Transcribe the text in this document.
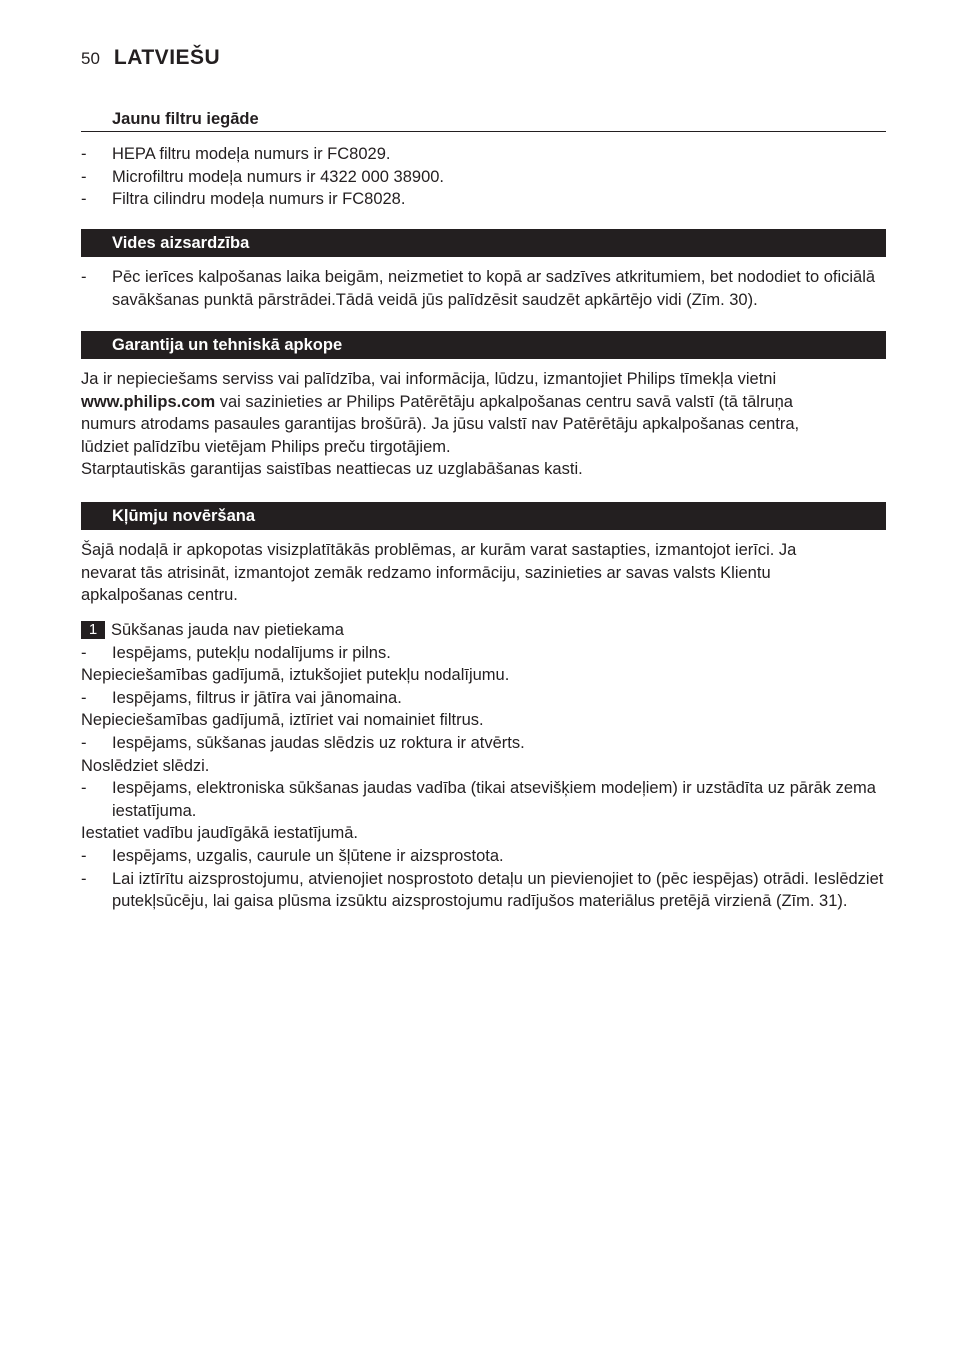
50 LATVIEŠU
Jaunu filtru iegāde
-	HEPA filtru modeļa numurs ir FC8029.
-	Microfiltru modeļa numurs ir 4322 000 38900.
-	Filtra cilindru modeļa numurs ir FC8028.
Vides aizsardzība
-	Pēc ierīces kalpošanas laika beigām, neizmetiet to kopā ar sadzīves atkritumiem, bet nododiet to oficiālā savākšanas punktā pārstrādei.Tādā veidā jūs palīdzēsit saudzēt apkārtējo vidi (Zīm. 30).
Garantija un tehniskā apkope
Ja ir nepieciešams serviss vai palīdzība, vai informācija, lūdzu, izmantojiet Philips tīmekļa vietni
www.philips.com vai sazinieties ar Philips Patērētāju apkalpošanas centru savā valstī (tā tālruņa
numurs atrodams pasaules garantijas brošūrā). Ja jūsu valstī nav Patērētāju apkalpošanas centra,
lūdziet palīdzību vietējam Philips preču tirgotājiem.
Starptautiskās garantijas saistības neattiecas uz uzglabāšanas kasti.
Kļūmju novēršana
Šajā nodaļā ir apkopotas visizplatītākās problēmas, ar kurām varat sastapties, izmantojot ierīci. Ja
nevarat tās atrisināt, izmantojot zemāk redzamo informāciju, sazinieties ar savas valsts Klientu
apkalpošanas centru.
1 Sūkšanas jauda nav pietiekama
-	Iespējams, putekļu nodalījums ir pilns.
Nepieciešamības gadījumā, iztukšojiet putekļu nodalījumu.
-	Iespējams, filtrus ir jātīra vai jānomaina.
Nepieciešamības gadījumā, iztīriet vai nomainiet filtrus.
-	Iespējams, sūkšanas jaudas slēdzis uz roktura ir atvērts.
Noslēdziet slēdzi.
-	Iespējams, elektroniska sūkšanas jaudas vadība (tikai atsevišķiem modeļiem) ir uzstādīta uz pārāk zema iestatījuma.
Iestatiet vadību jaudīgākā iestatījumā.
-	Iespējams, uzgalis, caurule un šļūtene ir aizsprostota.
-	Lai iztīrītu aizsprostojumu, atvienojiet nosprostoto detaļu un pievienojiet to (pēc iespējas) otrādi. Ieslēdziet putekļsūcēju, lai gaisa plūsma izsūktu aizsprostojumu radījušos materiālus pretējā virzienā (Zīm. 31).
